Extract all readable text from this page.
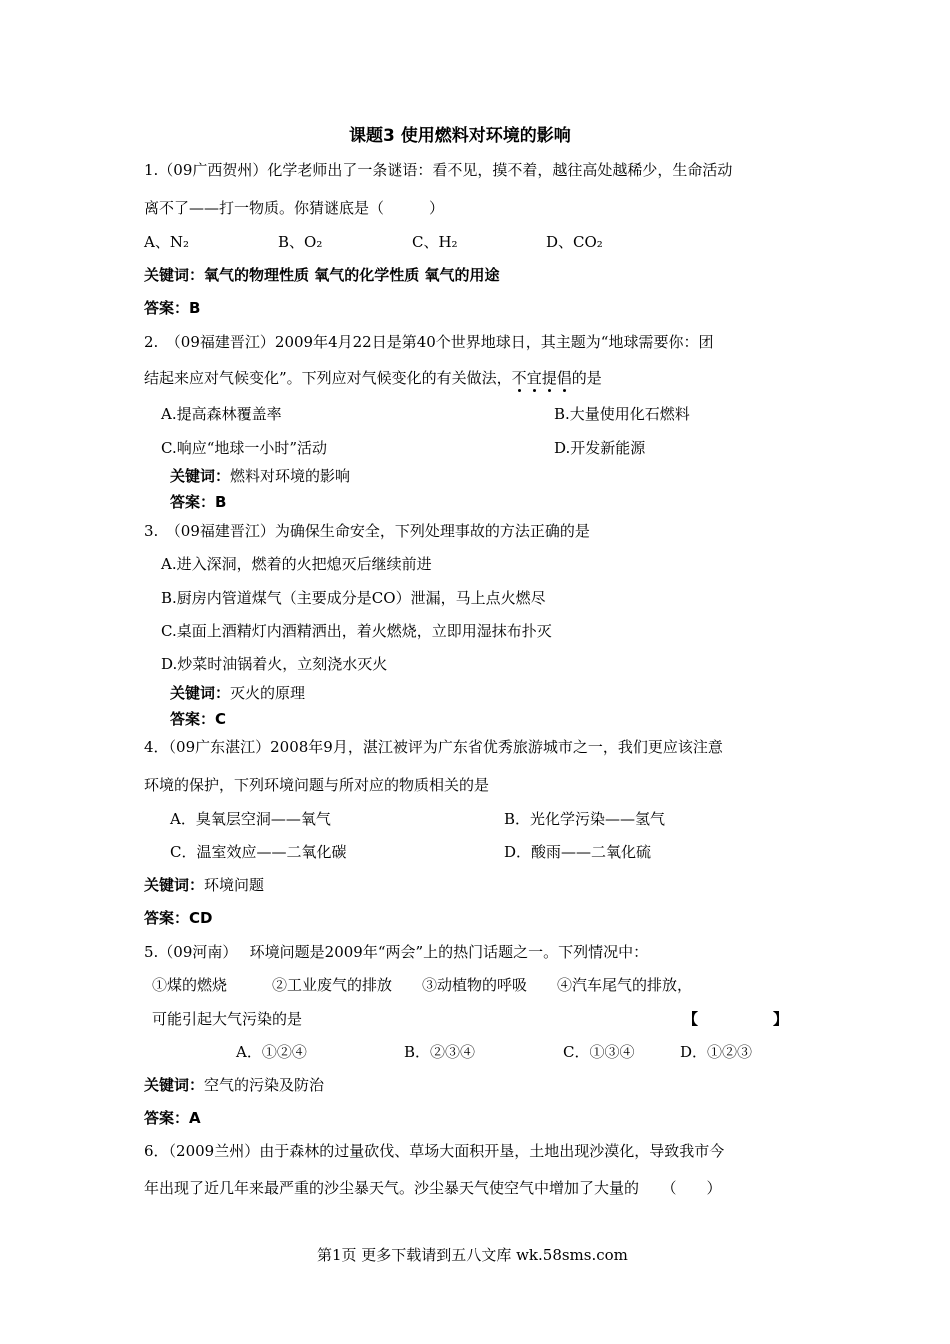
课题3 使用燃料对环境的影响
1.（09广西贺州）化学老师出了一条谜语：看不见，摸不着，越往高处越稀少，生命活动
离不了——打一物质。你猜谜底是（　　　）
A、N₂	B、O₂	C、H₂	D、CO₂
关键词：氧气的物理性质 氧气的化学性质 氧气的用途
答案：B
2.　（09福建晋江）2009年4月22日是第40个世界地球日，其主题为“地球需要你：团
结起来应对气候变化”。下列应对气候变化的有关做法，不宜提倡的是
A.提高森林覆盖率	B.大量使用化石燃料
C.响应“地球一小时”活动	D.开发新能源
关键词：燃料对环境的影响
答案：B
3.　（09福建晋江）为确保生命安全，下列处理事故的方法正确的是
A.进入深洞，燃着的火把熄灭后继续前进
B.厨房内管道煤气（主要成分是CO）泄漏，马上点火燃尽
C.桌面上酒精灯内酒精洒出，着火燃烧，立即用湿抹布扑灭
D.炒菜时油锅着火，立刻浇水灭火
关键词：灭火的原理
答案：C
4．（09广东湛江）2008年9月，湛江被评为广东省优秀旅游城市之一，我们更应该注意
环境的保护，下列环境问题与所对应的物质相关的是
A．臭氧层空洞——氧气	B．光化学污染——氢气
C．温室效应——二氧化碳	D．酸雨——二氧化硫
关键词：环境问题
答案：CD
5.（09河南）　 环境问题是2009年“两会”上的热门话题之一。下列情况中：
①煤的燃烧　　　②工业废气的排放　　③动植物的呼吸　　④汽车尾气的排放，
可能引起大气污染的是	【　　　　　】
A．①②④	B．②③④	C．①③④	D．①②③
关键词：空气的污染及防治
答案：A
6．（2009兰州）由于森林的过量砍伐、草场大面积开垦，土地出现沙漠化，导致我市今
年出现了近几年来最严重的沙尘暴天气。沙尘暴天气使空气中增加了大量的　　（　　）
第1页 更多下载请到五八文库 wk.58sms.com
